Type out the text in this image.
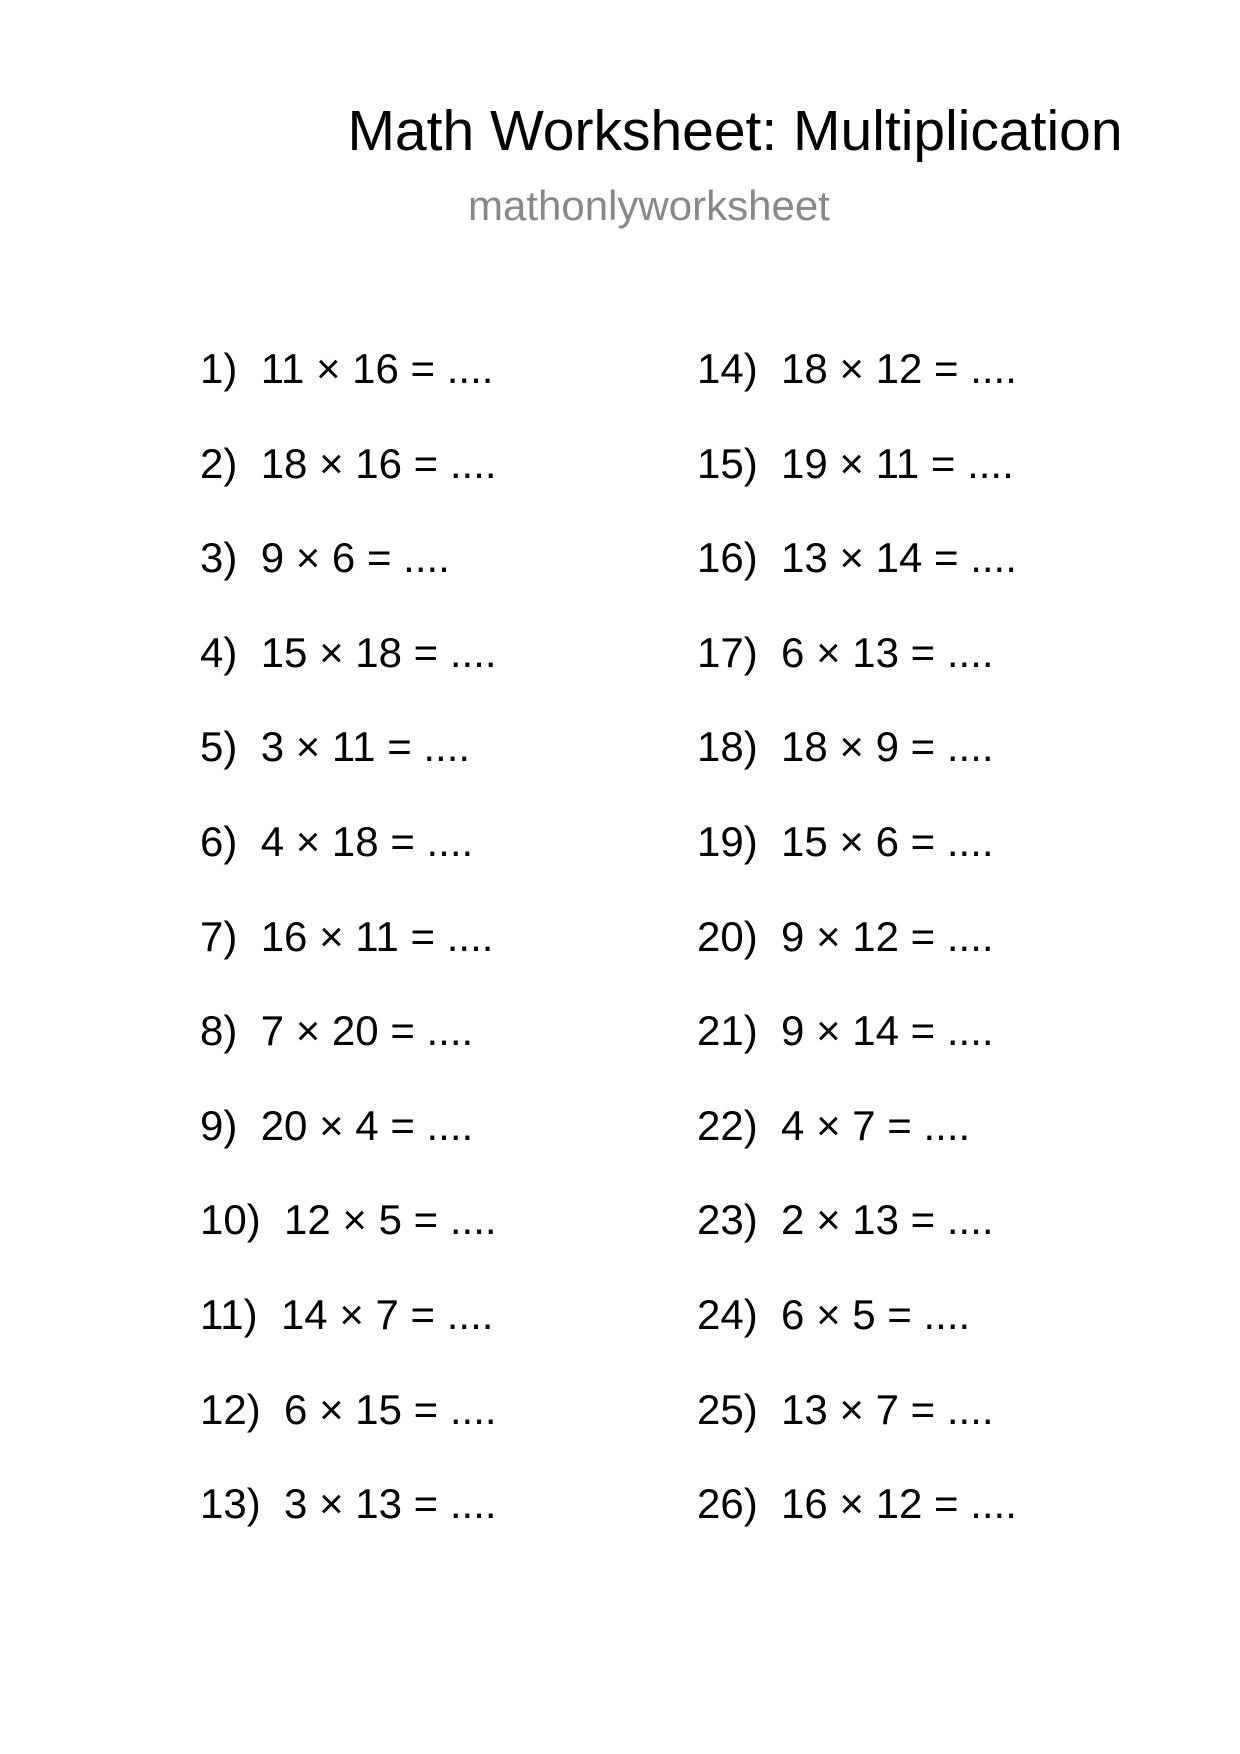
Math Worksheet: Multiplication
mathonlyworksheet
1) 11 × 16 = ....
2) 18 × 16 = ....
3) 9 × 6 = ....
4) 15 × 18 = ....
5) 3 × 11 = ....
6) 4 × 18 = ....
7) 16 × 11 = ....
8) 7 × 20 = ....
9) 20 × 4 = ....
10) 12 × 5 = ....
11) 14 × 7 = ....
12) 6 × 15 = ....
13) 3 × 13 = ....
14) 18 × 12 = ....
15) 19 × 11 = ....
16) 13 × 14 = ....
17) 6 × 13 = ....
18) 18 × 9 = ....
19) 15 × 6 = ....
20) 9 × 12 = ....
21) 9 × 14 = ....
22) 4 × 7 = ....
23) 2 × 13 = ....
24) 6 × 5 = ....
25) 13 × 7 = ....
26) 16 × 12 = ....
